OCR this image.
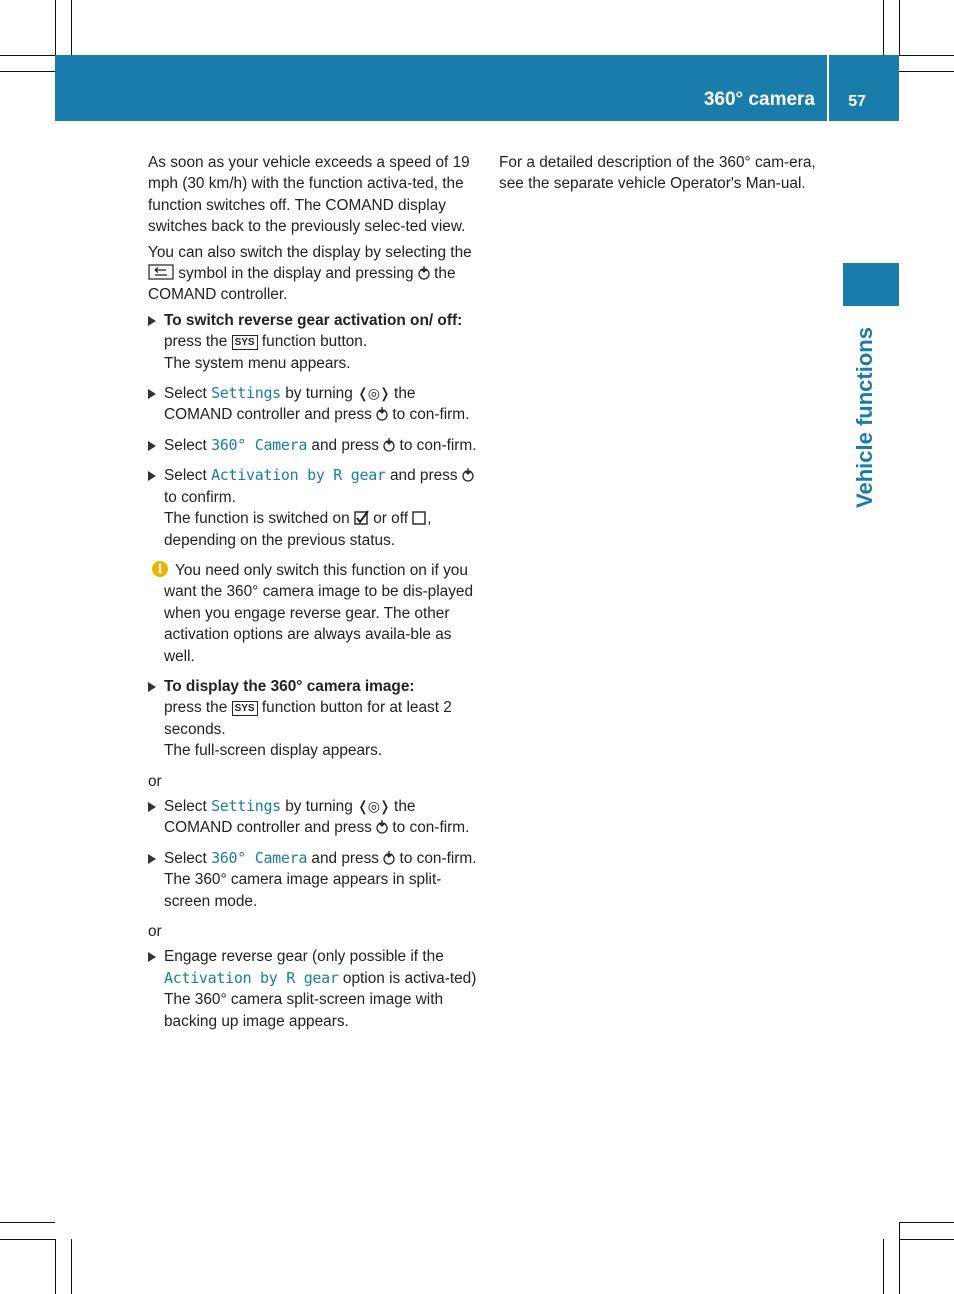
360° camera 57
Vehicle functions

As soon as your vehicle exceeds a speed of 19 mph (30 km/h) with the function activa-ted, the function switches off. The COMAND display switches back to the previously selec-ted view.

You can also switch the display by selecting the  symbol in the display and pressing the COMAND controller.

To switch reverse gear activation on/ off: press the SYS function button.
The system menu appears.
Select Settings by turning ❬◎❭ the COMAND controller and press to con-firm.
Select 360° Camera and press to con-firm.
Select Activation by R gear and press  to confirm.
The function is switched on or off , depending on the previous status.
i You need only switch this function on if you want the 360° camera image to be dis-played when you engage reverse gear. The other activation options are always availa-ble as well.
To display the 360° camera image:
press the SYS function button for at least 2 seconds.
The full-screen display appears.

or

Select Settings by turning ❬◎❭ the COMAND controller and press to con-firm.
Select 360° Camera and press to con-firm.
The 360° camera image appears in split-screen mode.

or

Engage reverse gear (only possible if the Activation by R gear option is activa-ted)
The 360° camera split-screen image with backing up image appears.

For a detailed description of the 360° cam-era, see the separate vehicle Operator's Man-ual.
